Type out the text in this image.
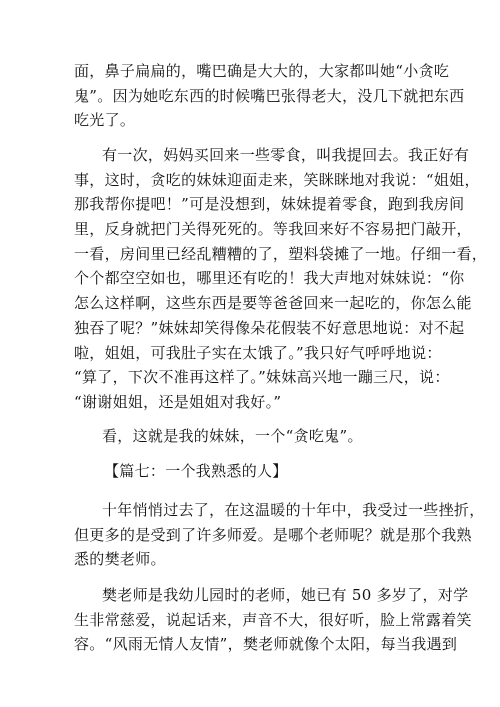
面，鼻子扁扁的，嘴巴确是大大的，大家都叫她“小贪吃
鬼”。因为她吃东西的时候嘴巴张得老大，没几下就把东西
吃光了。
有一次，妈妈买回来一些零食，叫我提回去。我正好有
事，这时，贪吃的妹妹迎面走来，笑眯眯地对我说：“姐姐，
那我帮你提吧！”可是没想到，妹妹提着零食，跑到我房间
里，反身就把门关得死死的。等我回来好不容易把门敲开，
一看，房间里已经乱糟糟的了，塑料袋摊了一地。仔细一看，
个个都空空如也，哪里还有吃的！我大声地对妹妹说：“你
怎么这样啊，这些东西是要等爸爸回来一起吃的，你怎么能
独吞了呢？”妹妹却笑得像朵花假装不好意思地说：对不起
啦，姐姐，可我肚子实在太饿了。”我只好气呼呼地说：
“算了，下次不准再这样了。”妹妹高兴地一蹦三尺，说：
“谢谢姐姐，还是姐姐对我好。”
看，这就是我的妹妹，一个“贪吃鬼”。
【篇七：一个我熟悉的人】
十年悄悄过去了，在这温暖的十年中，我受过一些挫折，
但更多的是受到了许多师爱。是哪个老师呢？就是那个我熟
悉的樊老师。
樊老师是我幼儿园时的老师，她已有 50 多岁了，对学
生非常慈爱，说起话来，声音不大，很好听，脸上常露着笑
容。“风雨无情人友情”，樊老师就像个太阳，每当我遇到
